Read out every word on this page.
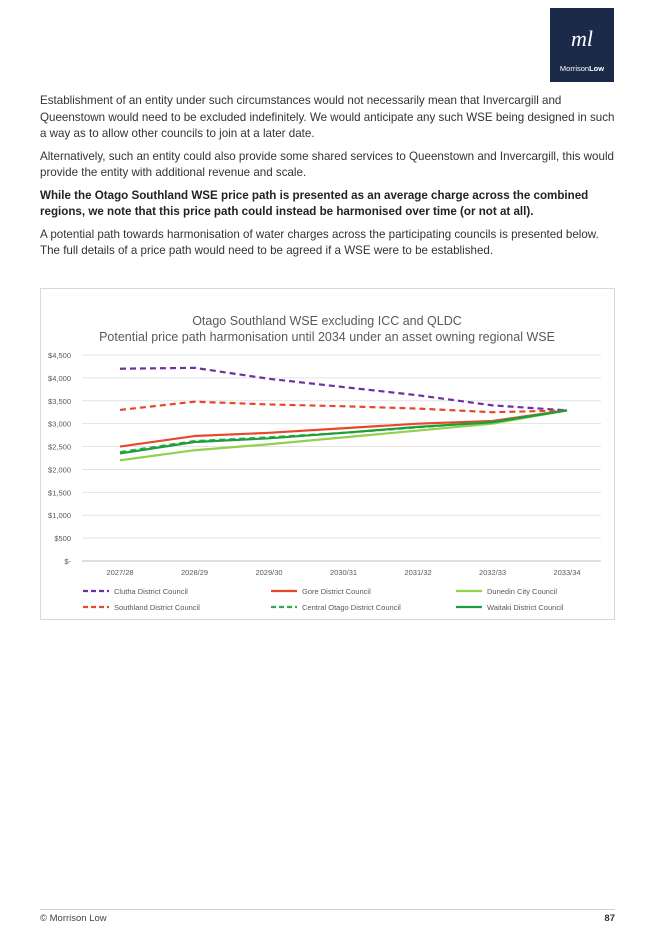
ml
MorrisonLow

Establishment of an entity under such circumstances would not necessarily mean that Invercargill and Queenstown would need to be excluded indefinitely. We would anticipate any such WSE being designed in such a way as to allow other councils to join at a later date.

Alternatively, such an entity could also provide some shared services to Queenstown and Invercargill, this would provide the entity with additional revenue and scale.

While the Otago Southland WSE price path is presented as an average charge across the combined regions, we note that this price path could instead be harmonised over time (or not at all).

A potential path towards harmonisation of water charges across the participating councils is presented below. The full details of a price path would need to be agreed if a WSE were to be established.

Otago Southland WSE excluding ICC and QLDC
Potential price path harmonisation until 2034 under an asset owning regional WSE
$-
$500
$1,000
$1,500
$2,000
$2,500
$3,000
$3,500
$4,000
$4,500
2027/28	2028/29	2029/30	2030/31	2031/32	2032/33	2033/34
Clutha District Council	Gore District Council	Dunedin City Council
Southland District Council	Central Otago District Council	Waitaki District Council
© Morrison Low	87
